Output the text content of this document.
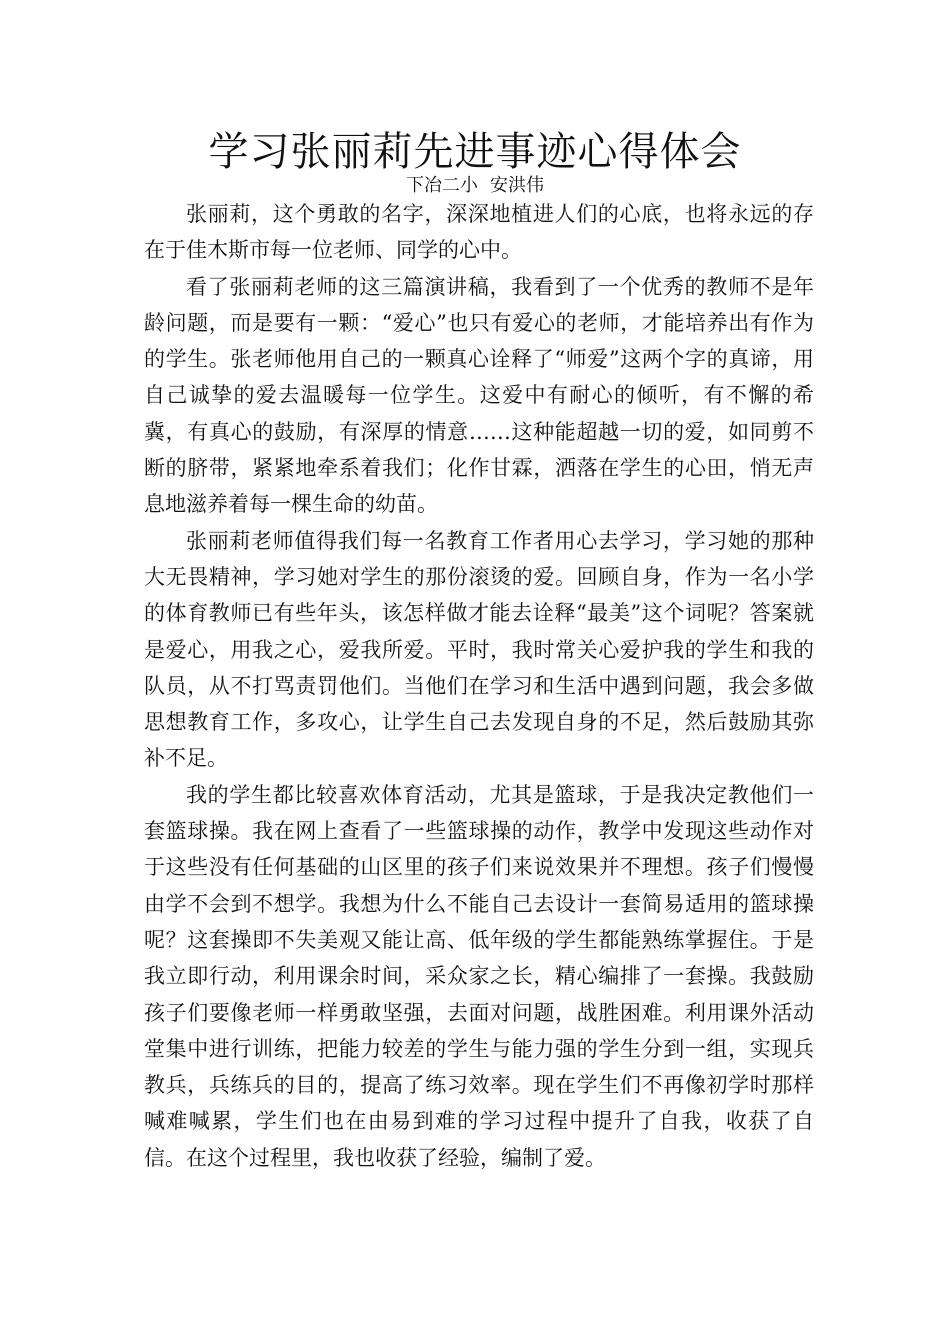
学习张丽莉先进事迹心得体会
下冶二小 安洪伟

张丽莉，这个勇敢的名字，深深地植进人们的心底，也将永远的存在于佳木斯市每一位老师、同学的心中。

看了张丽莉老师的这三篇演讲稿，我看到了一个优秀的教师不是年龄问题，而是要有一颗：“爱心”也只有爱心的老师，才能培养出有作为的学生。张老师他用自己的一颗真心诠释了“师爱”这两个字的真谛，用自己诚挚的爱去温暖每一位学生。这爱中有耐心的倾听，有不懈的希冀，有真心的鼓励，有深厚的情意……这种能超越一切的爱，如同剪不断的脐带，紧紧地牵系着我们；化作甘霖，洒落在学生的心田，悄无声息地滋养着每一棵生命的幼苗。

张丽莉老师值得我们每一名教育工作者用心去学习，学习她的那种大无畏精神，学习她对学生的那份滚烫的爱。回顾自身，作为一名小学的体育教师已有些年头，该怎样做才能去诠释“最美”这个词呢？答案就是爱心，用我之心，爱我所爱。平时，我时常关心爱护我的学生和我的队员，从不打骂责罚他们。当他们在学习和生活中遇到问题，我会多做思想教育工作，多攻心，让学生自己去发现自身的不足，然后鼓励其弥补不足。

我的学生都比较喜欢体育活动，尤其是篮球，于是我决定教他们一套篮球操。我在网上查看了一些篮球操的动作，教学中发现这些动作对于这些没有任何基础的山区里的孩子们来说效果并不理想。孩子们慢慢由学不会到不想学。我想为什么不能自己去设计一套简易适用的篮球操呢？这套操即不失美观又能让高、低年级的学生都能熟练掌握住。于是我立即行动，利用课余时间，采众家之长，精心编排了一套操。我鼓励孩子们要像老师一样勇敢坚强，去面对问题，战胜困难。利用课外活动堂集中进行训练，把能力较差的学生与能力强的学生分到一组，实现兵教兵，兵练兵的目的，提高了练习效率。现在学生们不再像初学时那样喊难喊累，学生们也在由易到难的学习过程中提升了自我，收获了自信。在这个过程里，我也收获了经验，编制了爱。
